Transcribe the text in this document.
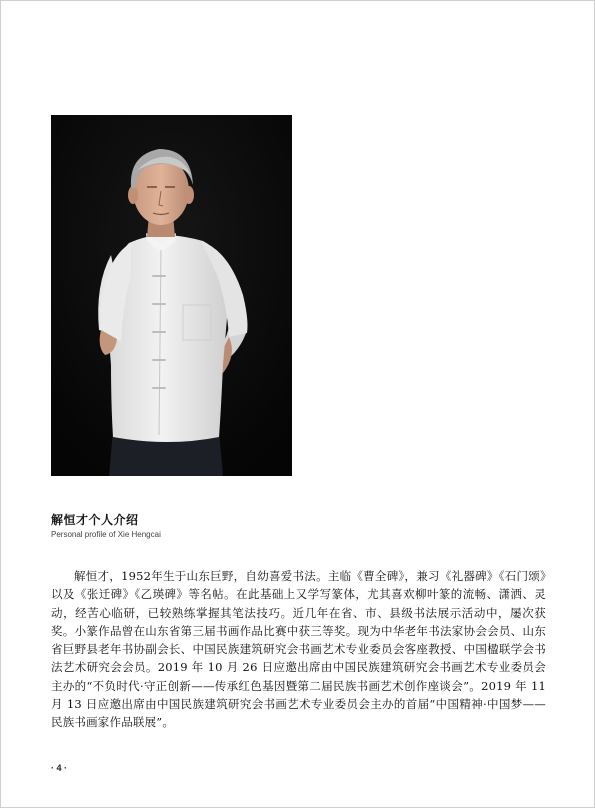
解恒才个人介绍
Personal profile of Xie Hengcai

解恒才，1952年生于山东巨野，自幼喜爱书法。主临《曹全碑》，兼习《礼器碑》《石门颂》以及《张迁碑》《乙瑛碑》等名帖。在此基础上又学写篆体，尤其喜欢柳叶篆的流畅、潇洒、灵动，经苦心临研，已较熟练掌握其笔法技巧。近几年在省、市、县级书法展示活动中，屡次获奖。小篆作品曾在山东省第三届书画作品比赛中获三等奖。现为中华老年书法家协会会员、山东省巨野县老年书协副会长、中国民族建筑研究会书画艺术专业委员会客座教授、中国楹联学会书法艺术研究会会员。2019 年 10 月 26 日应邀出席由中国民族建筑研究会书画艺术专业委员会主办的“不负时代·守正创新——传承红色基因暨第二届民族书画艺术创作座谈会”。2019 年 11 月 13 日应邀出席由中国民族建筑研究会书画艺术专业委员会主办的首届“中国精神·中国梦——民族书画家作品联展”。

· 4 ·
